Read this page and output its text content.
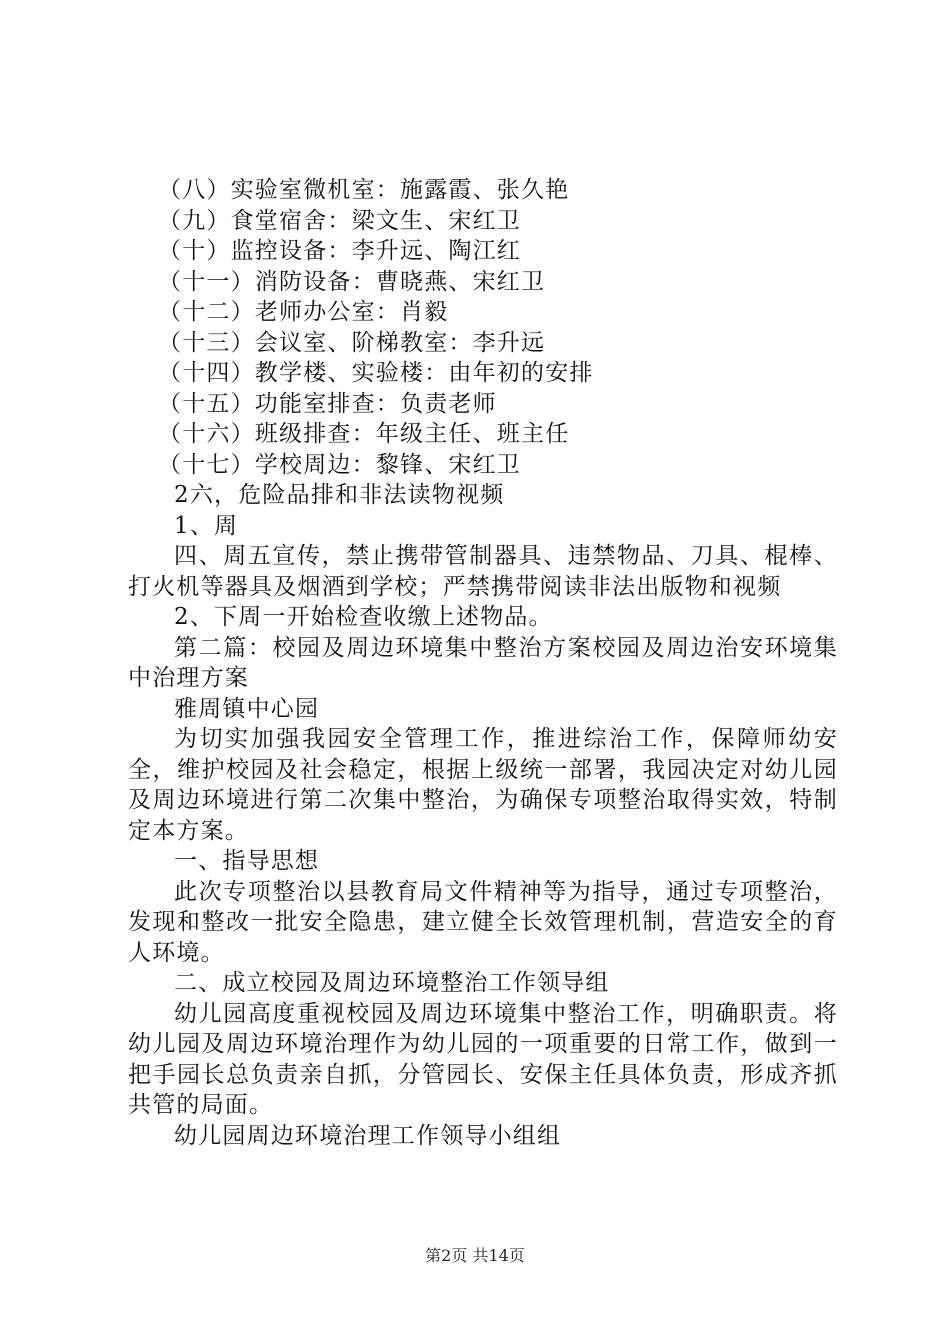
（八）实验室微机室：施露霞、张久艳

（九）食堂宿舍：梁文生、宋红卫

（十）监控设备：李升远、陶江红

（十一）消防设备：曹晓燕、宋红卫

（十二）老师办公室：肖毅

（十三）会议室、阶梯教室：李升远

（十四）教学楼、实验楼：由年初的安排

（十五）功能室排查：负责老师

（十六）班级排查：年级主任、班主任

（十七）学校周边：黎锋、宋红卫

2六，危险品排和非法读物视频

1、周

四、周五宣传，禁止携带管制器具、违禁物品、刀具、棍棒、打火机等器具及烟酒到学校；严禁携带阅读非法出版物和视频

2、下周一开始检查收缴上述物品。

第二篇：校园及周边环境集中整治方案校园及周边治安环境集中治理方案

雅周镇中心园

为切实加强我园安全管理工作，推进综治工作，保障师幼安全，维护校园及社会稳定，根据上级统一部署，我园决定对幼儿园及周边环境进行第二次集中整治，为确保专项整治取得实效，特制定本方案。

一、指导思想

此次专项整治以县教育局文件精神等为指导，通过专项整治，发现和整改一批安全隐患，建立健全长效管理机制，营造安全的育人环境。

二、成立校园及周边环境整治工作领导组

幼儿园高度重视校园及周边环境集中整治工作，明确职责。将幼儿园及周边环境治理作为幼儿园的一项重要的日常工作，做到一把手园长总负责亲自抓，分管园长、安保主任具体负责，形成齐抓共管的局面。

幼儿园周边环境治理工作领导小组组

第2页 共14页
